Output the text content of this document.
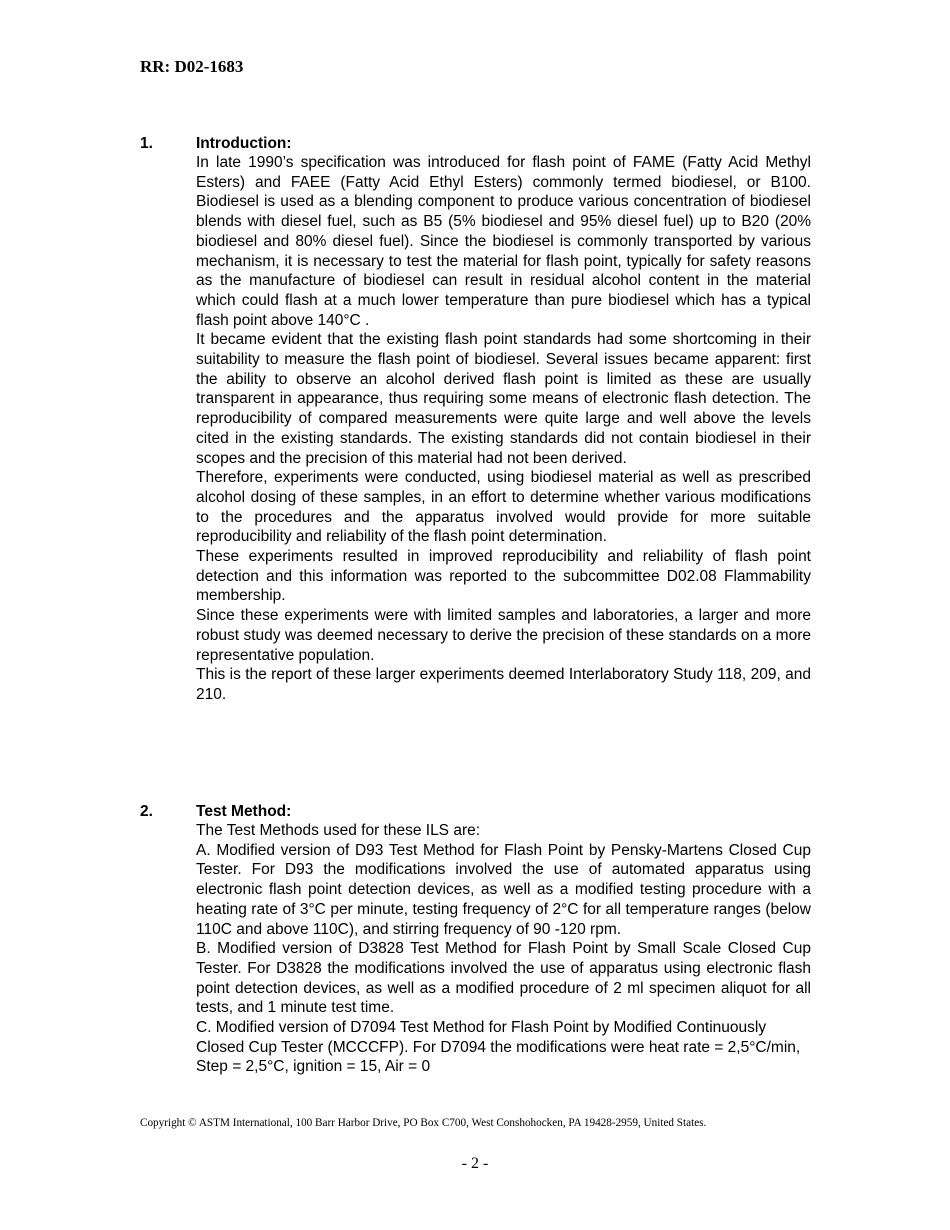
RR: D02-1683
1.	Introduction:

In late 1990’s specification was introduced for flash point of FAME (Fatty Acid Methyl Esters) and FAEE (Fatty Acid Ethyl Esters) commonly termed biodiesel, or B100. Biodiesel is used as a blending component to produce various concentration of biodiesel blends with diesel fuel, such as B5 (5% biodiesel and 95% diesel fuel) up to B20 (20% biodiesel and 80% diesel fuel). Since the biodiesel is commonly transported by various mechanism, it is necessary to test the material for flash point, typically for safety reasons as the manufacture of biodiesel can result in residual alcohol content in the material which could flash at a much lower temperature than pure biodiesel which has a typical flash point above 140°C .

It became evident that the existing flash point standards had some shortcoming in their suitability to measure the flash point of biodiesel. Several issues became apparent: first the ability to observe an alcohol derived flash point is limited as these are usually transparent in appearance, thus requiring some means of electronic flash detection. The reproducibility of compared measurements were quite large and well above the levels cited in the existing standards. The existing standards did not contain biodiesel in their scopes and the precision of this material had not been derived.

Therefore, experiments were conducted, using biodiesel material as well as prescribed alcohol dosing of these samples, in an effort to determine whether various modifications to the procedures and the apparatus involved would provide for more suitable reproducibility and reliability of the flash point determination.

These experiments resulted in improved reproducibility and reliability of flash point detection and this information was reported to the subcommittee D02.08 Flammability membership.

Since these experiments were with limited samples and laboratories, a larger and more robust study was deemed necessary to derive the precision of these standards on a more representative population.

This is the report of these larger experiments deemed Interlaboratory Study 118, 209, and 210.

2.	Test Method:

The Test Methods used for these ILS are:

A. Modified version of D93 Test Method for Flash Point by Pensky-Martens Closed Cup Tester. For D93 the modifications involved the use of automated apparatus using electronic flash point detection devices, as well as a modified testing procedure with a heating rate of 3°C per minute, testing frequency of 2°C for all temperature ranges (below 110C and above 110C), and stirring frequency of 90 -120 rpm.

B. Modified version of D3828 Test Method for Flash Point by Small Scale Closed Cup Tester. For D3828 the modifications involved the use of apparatus using electronic flash point detection devices, as well as a modified procedure of 2 ml specimen aliquot for all tests, and 1 minute test time.

C. Modified version of D7094 Test Method for Flash Point by Modified Continuously Closed Cup Tester (MCCCFP). For D7094 the modifications were heat rate = 2,5°C/min, Step = 2,5°C, ignition = 15, Air = 0

Copyright © ASTM International, 100 Barr Harbor Drive, PO Box C700, West Conshohocken, PA 19428-2959, United States.
- 2 -
